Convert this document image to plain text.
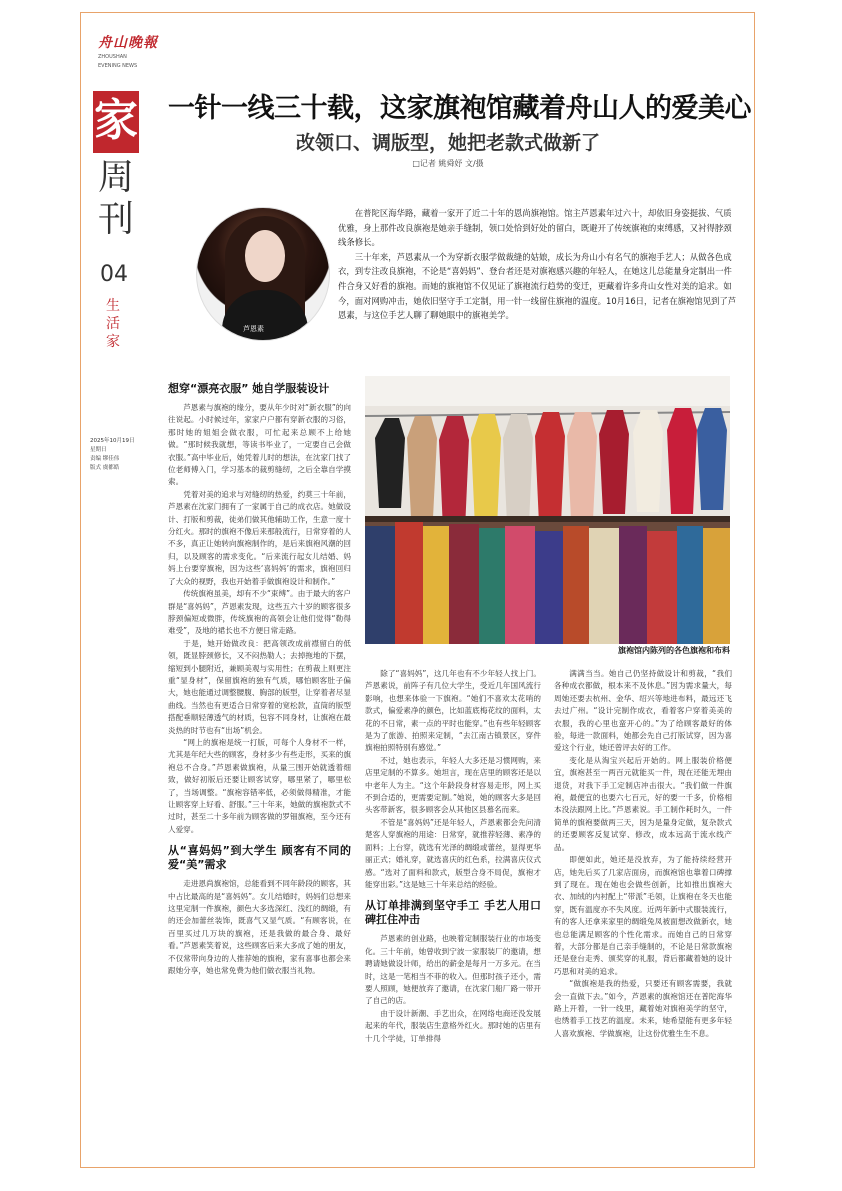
舟山晚報
ZHOUSHAN
EVENING NEWS
家
周
刊
04
生活家
2025年10月19日
星期日
责编 缪佳伟
版式 虞都皓
一针一线三十载，这家旗袍馆藏着舟山人的爱美心
改领口、调版型，她把老款式做新了
□记者 姚舜妤 文/摄
芦恩素

在普陀区海华路，藏着一家开了近二十年的恩尚旗袍馆。馆主芦恩素年过六十，却依旧身姿挺拔、气质优雅，身上那件改良旗袍是她亲手缝制，领口处恰到好处的留白，既避开了传统旗袍的束缚感，又衬得脖颈线条修长。

三十年来，芦恩素从一个为穿新衣服学做裁缝的姑娘，成长为舟山小有名气的旗袍手艺人；从做各色成衣，到专注改良旗袍，不论是“喜妈妈”、登台者还是对旗袍感兴趣的年轻人，在她这儿总能量身定制出一件件合身又好看的旗袍。而她的旗袍馆不仅见证了旗袍流行趋势的变迁，更藏着许多舟山女性对美的追求。如今，面对网购冲击，她依旧坚守手工定制，用一针一线留住旗袍的温度。10月16日，记者在旗袍馆见到了芦恩素，与这位手艺人聊了聊她眼中的旗袍美学。

旗袍馆内陈列的各色旗袍和布料
想穿“漂亮衣服” 她自学服装设计

芦恩素与旗袍的缘分，要从年少时对“新衣服”的向往说起。小时候过年，家家户户都有穿新衣服的习俗，那时她的姐姐会做衣服，可忙起来总顾不上给她做。“那时候我就想，等读书毕业了，一定要自己会做衣服。”高中毕业后，她凭着儿时的想法，在沈家门找了位老师傅入门，学习基本的裁剪缝纫，之后全靠自学摸索。

凭着对美的追求与对缝纫的热爱，约莫三十年前，芦恩素在沈家门拥有了一家属于自己的成衣店。她做设计、打版和剪裁，徒弟们做其他辅助工作，生意一度十分红火。那时的旗袍不像后来那般流行，日常穿着的人不多，真正让她转向旗袍制作的，是后来旗袍风潮的回归，以及顾客的需求变化。“后来流行起女儿结婚、妈妈上台要穿旗袍，因为这些‘喜妈妈’的需求，旗袍回归了大众的视野，我也开始着手做旗袍设计和制作。”

传统旗袍虽美，却有不少“束缚”。由于最大的客户群是“喜妈妈”，芦恩素发现，这些五六十岁的顾客很多脖颈偏短或微胖，传统旗袍的高领会让他们觉得“勒得难受”，及地的裙长也不方便日常走路。

于是，她开始做改良：把高领改成前襟留白的低领，既显脖颈修长，又不闷热勒人；去掉拖地的下摆，缩短到小腿附近，兼顾美观与实用性；在剪裁上则更注重“显身材”，保留旗袍的独有气质，哪怕顾客肚子偏大，她也能通过调整腰腹、胸部的版型，让穿着者尽显曲线。当然也有更适合日常穿着的宽松款，直筒的版型搭配垂顺轻薄透气的材质，包容不同身材，让旗袍在最炎热的时节也有“出场”机会。

“网上的旗袍是统一打版，可每个人身材不一样，尤其是年纪大些的顾客，身材多少有些走形，买来的旗袍总不合身。”芦恩素做旗袍，从量三围开始就透着细致，做好初版后还要让顾客试穿，哪里紧了，哪里松了，当场调整。“旗袍容错率低，必须做得精准，才能让顾客穿上好看、舒服。”三十年来，她做的旗袍款式不过时，甚至二十多年前为顾客做的罗钿旗袍，至今还有人爱穿。

从“喜妈妈”到大学生 顾客有不同的爱“美”需求

走进恩尚旗袍馆，总能看到不同年龄段的顾客，其中占比最高的是“喜妈妈”。女儿结婚时，妈妈们总想来这里定制一件旗袍，颜色大多选深红、浅红的绸缎，有的还会加蕾丝装饰，既喜气又显气质。“有顾客说，在百里买过几万块的旗袍，还是我做的最合身、最好看。”芦恩素笑着说，这些顾客后来大多成了她的朋友，不仅常带向身边的人推荐她的旗袍，家有喜事也都会来跟她分享，她也常免费为他们做衣服当礼物。

除了“喜妈妈”，这几年也有不少年轻人找上门。芦恩素说，前阵子有几位大学生，受近几年国风流行影响，也想来体验一下旗袍。“她们不喜欢太花哨的款式，偏爱素净的颜色，比如蓝底梅花纹的面料，太花的不日常，素一点的平时也能穿。”也有些年轻顾客是为了旅游、拍照来定制，“去江南古镇景区，穿件旗袍拍照特别有感觉。”

不过，她也表示，年轻人大多还是习惯网购，来店里定制的不算多。她坦言，现在店里的顾客还是以中老年人为主。“这个年龄段身材容易走形，网上买不到合适的，更需要定制。”她说，她的顾客大多是回头客带新客，很多顾客会从其他区县慕名而来。

不管是“喜妈妈”还是年轻人，芦恩素都会先问清楚客人穿旗袍的用途：日常穿，就推荐轻薄、素净的面料；上台穿，就选有光泽的绸缎或蕾丝，显得更华丽正式；婚礼穿，就选喜庆的红色系，拉满喜庆仪式感。“选对了面料和款式，版型合身不局促，旗袍才能穿出彩。”这是她三十年来总结的经验。

从订单排满到坚守手工 手艺人用口碑扛住冲击

芦恩素的创业路，也映着定制服装行业的市场变化。三十年前，她曾收到宁波一家服装厂的邀请，想聘请她做设计师，给出的薪金是每月一万多元。在当时，这是一笔相当不菲的收入。但那时孩子还小，需要人照顾，她便放弃了邀请，在沈家门船厂路一带开了自己的店。

由于设计新潮、手艺出众，在网络电商还没发展起来的年代，服装店生意格外红火。那时她的店里有十几个学徒，订单排得

满满当当。她自己仍坚持做设计和剪裁，“我们各种成衣都做，根本来不及休息。”因为需求量大，每周她还要去杭州、金华、绍兴等地进布料，最远还飞去过广州。“设计完制作成衣，看着客户穿着美美的衣服，我的心里也蛮开心的。”为了给顾客最好的体验，每进一款面料，她都会先自己打版试穿，因为喜爱这个行业，她还曾评去好的工作。

变化是从淘宝兴起后开始的。网上服装价格便宜，旗袍甚至一两百元就能买一件，现在还能无埋由退货，对我下手工定制店冲击很大。“我们做一件旗袍，最便宜的也要六七百元，好的要一千多，价格相本没法跟网上比。”芦恩素说。手工制作耗时久，一件简单的旗袍要做两三天，因为是量身定做，复杂款式的还要顾客反复试穿、修改，成本远高于流水线产品。

即便如此，她还是没放弃，为了能持续经营开店，她先后买了几家店面房，而旗袍馆也靠着口碑撑到了现在。现在她也会做些创新，比如推出旗袍大衣、加绒的内衬配上“带派”毛领，让旗袍在冬天也能穿，既有温度亦不失风度。近两年新中式服装流行，有的客人还拿来家里的绸缎兔凤被面想改做新衣，她也总能满足顾客的个性化需求。而她自己的日常穿着，大部分都是自己亲手缝制的，不论是日常款旗袍还是登台走秀、颁奖穿的礼服，背后都藏着她的设计巧思和对美的追求。

“做旗袍是我的热爱，只要还有顾客需要，我就会一直做下去。”如今，芦恩素的旗袍馆还在普陀海华路上开着，一针一线里，藏着她对旗袍美学的坚守，也绣着手工技艺的温度。未来，她希望能有更多年轻人喜欢旗袍、学做旗袍，让这份优雅生生不息。
